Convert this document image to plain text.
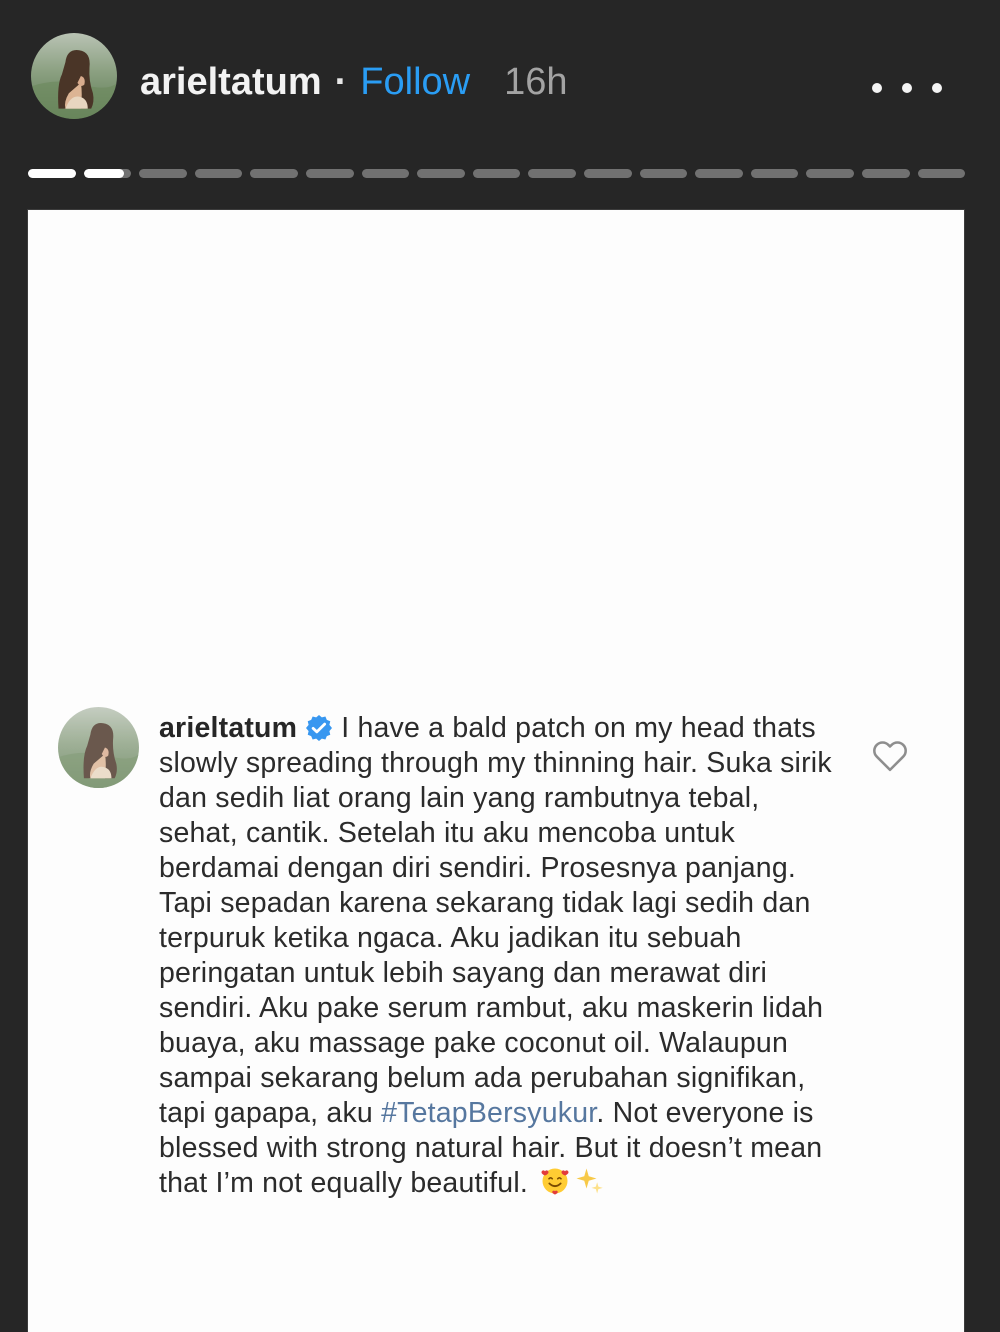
arieltatum · Follow 16h
arieltatum I have a bald patch on my head thats slowly spreading through my thinning hair. Suka sirik dan sedih liat orang lain yang rambutnya tebal, sehat, cantik. Setelah itu aku mencoba untuk berdamai dengan diri sendiri. Prosesnya panjang. Tapi sepadan karena sekarang tidak lagi sedih dan terpuruk ketika ngaca. Aku jadikan itu sebuah peringatan untuk lebih sayang dan merawat diri sendiri. Aku pake serum rambut, aku maskerin lidah buaya, aku massage pake coconut oil. Walaupun sampai sekarang belum ada perubahan signifikan, tapi gapapa, aku #TetapBersyukur. Not everyone is blessed with strong natural hair. But it doesn’t mean that I’m not equally beautiful.
